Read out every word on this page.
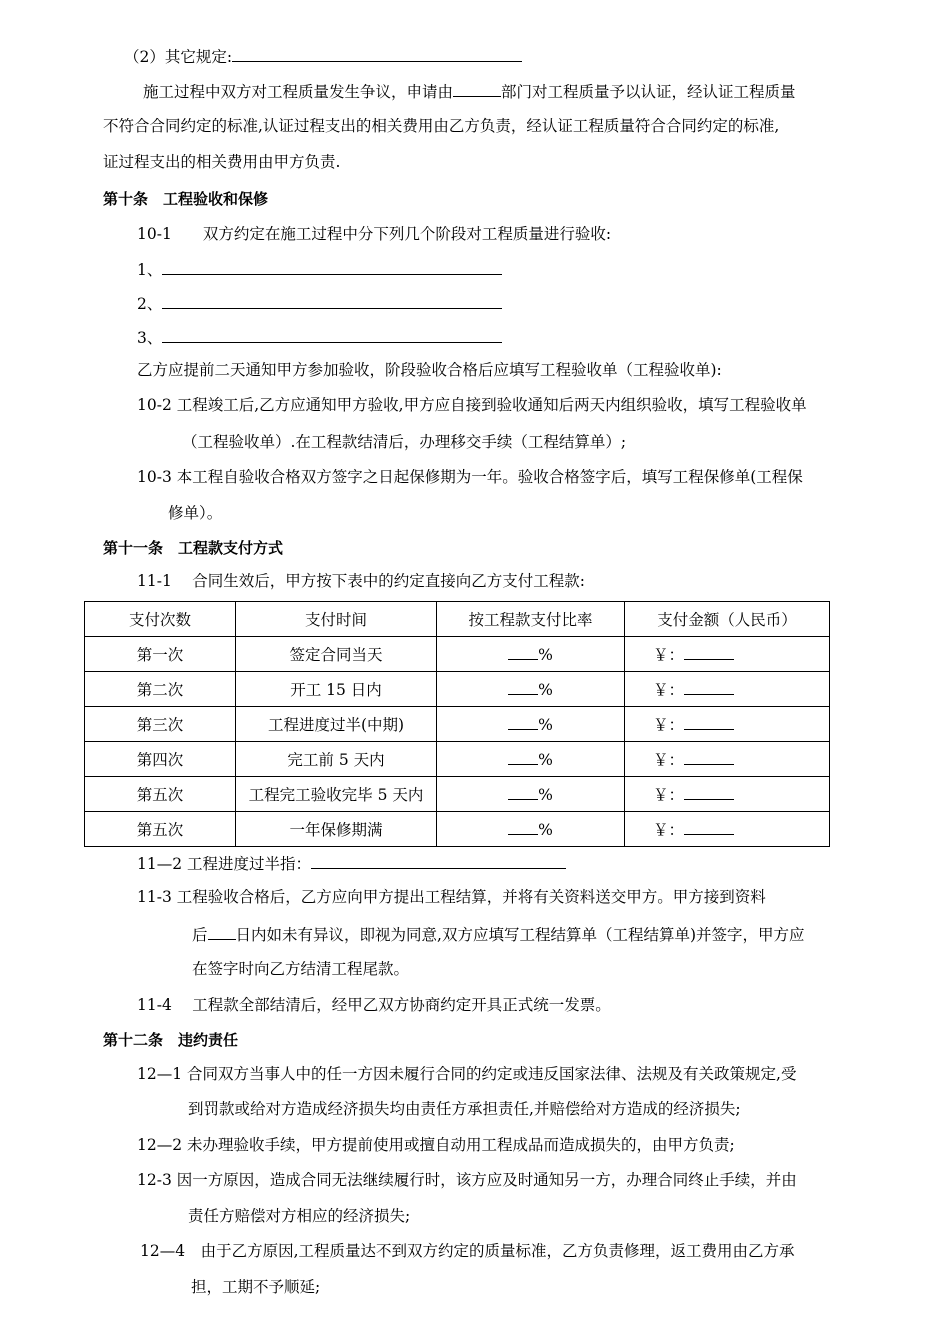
（2）其它规定:
施工过程中双方对工程质量发生争议，申请由	部门对工程质量予以认证，经认证工程质量
不符合合同约定的标准,认证过程支出的相关费用由乙方负责，经认证工程质量符合合同约定的标准,
证过程支出的相关费用由甲方负责.
第十条　工程验收和保修
10-1　　双方约定在施工过程中分下列几个阶段对工程质量进行验收:
1、
2、
3、
乙方应提前二天通知甲方参加验收，阶段验收合格后应填写工程验收单（工程验收单):
10-2 工程竣工后,乙方应通知甲方验收,甲方应自接到验收通知后两天内组织验收，填写工程验收单
（工程验收单）.在工程款结清后，办理移交手续（工程结算单）;
10-3 本工程自验收合格双方签字之日起保修期为一年。验收合格签字后，填写工程保修单(工程保
修单）。
第十一条　工程款支付方式
11-1　 合同生效后，甲方按下表中的约定直接向乙方支付工程款:
支付次数	支付时间	按工程款支付比率	支付金额（人民币）
第一次	签定合同当天	%	￥：
第二次	开工 15 日内	%	￥：
第三次	工程进度过半(中期)	%	￥：
第四次	完工前 5 天内	%	￥：
第五次	工程完工验收完毕 5 天内	%	￥：
第五次	一年保修期满	%	￥：
11—2 工程进度过半指：
11-3 工程验收合格后，乙方应向甲方提出工程结算，并将有关资料送交甲方。甲方接到资料
后 日内如未有异议，即视为同意,双方应填写工程结算单（工程结算单)并签字，甲方应
在签字时向乙方结清工程尾款。
11-4　 工程款全部结清后，经甲乙双方协商约定开具正式统一发票。
第十二条　违约责任
12—1 合同双方当事人中的任一方因未履行合同的约定或违反国家法律、法规及有关政策规定,受
到罚款或给对方造成经济损失均由责任方承担责任,并赔偿给对方造成的经济损失;
12—2 未办理验收手续，甲方提前使用或擅自动用工程成品而造成损失的，由甲方负责;
12-3 因一方原因，造成合同无法继续履行时，该方应及时通知另一方，办理合同终止手续，并由
责任方赔偿对方相应的经济损失;
12—4　由于乙方原因,工程质量达不到双方约定的质量标准，乙方负责修理，返工费用由乙方承
担，工期不予顺延;
